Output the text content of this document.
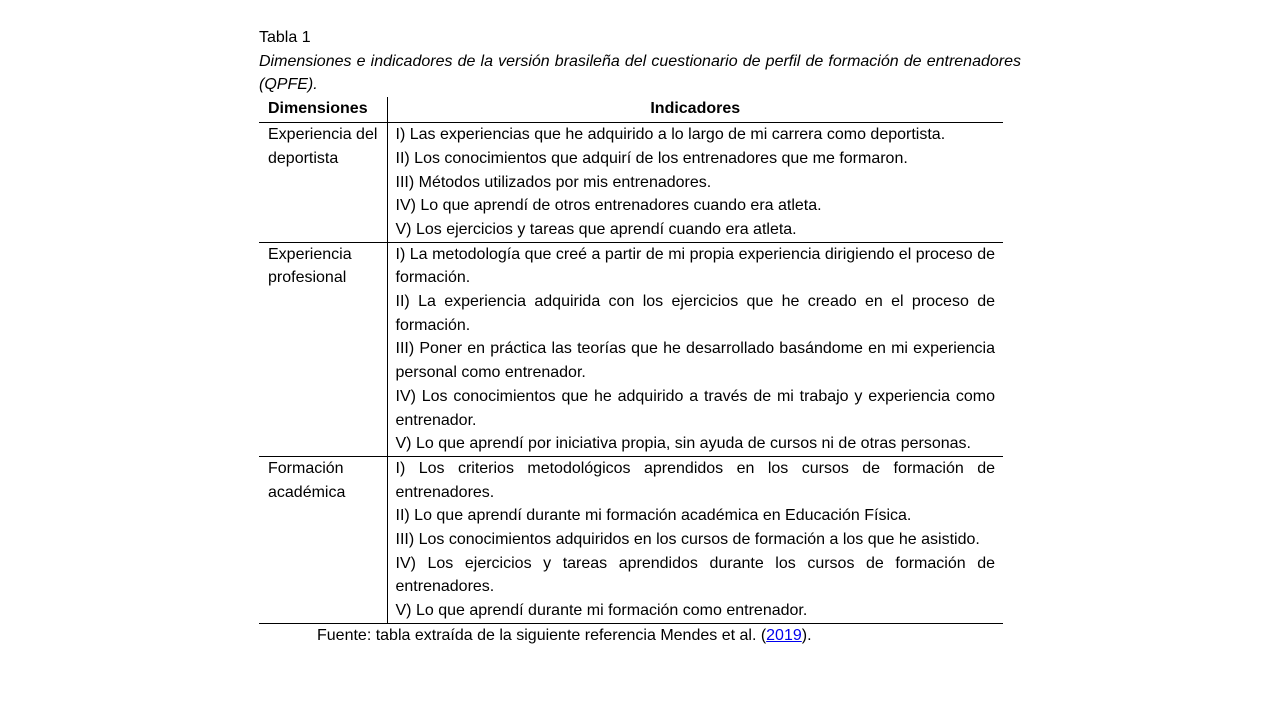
Tabla 1
Dimensiones e indicadores de la versión brasileña del cuestionario de perfil de formación de entrenadores (QPFE).
Dimensiones	Indicadores
Experiencia del deportista	I) Las experiencias que he adquirido a lo largo de mi carrera como deportista.

II) Los conocimientos que adquirí de los entrenadores que me formaron.

III) Métodos utilizados por mis entrenadores.

IV) Lo que aprendí de otros entrenadores cuando era atleta.

V) Los ejercicios y tareas que aprendí cuando era atleta.

Experiencia profesional	I) La metodología que creé a partir de mi propia experiencia dirigiendo el proceso de formación.

II) La experiencia adquirida con los ejercicios que he creado en el proceso de formación.

III) Poner en práctica las teorías que he desarrollado basándome en mi experiencia personal como entrenador.

IV) Los conocimientos que he adquirido a través de mi trabajo y experiencia como entrenador.

V) Lo que aprendí por iniciativa propia, sin ayuda de cursos ni de otras personas.

Formación académica	I) Los criterios metodológicos aprendidos en los cursos de formación de entrenadores.

II) Lo que aprendí durante mi formación académica en Educación Física.

III) Los conocimientos adquiridos en los cursos de formación a los que he asistido.

IV) Los ejercicios y tareas aprendidos durante los cursos de formación de entrenadores.

V) Lo que aprendí durante mi formación como entrenador.

Fuente: tabla extraída de la siguiente referencia Mendes et al. (2019).
